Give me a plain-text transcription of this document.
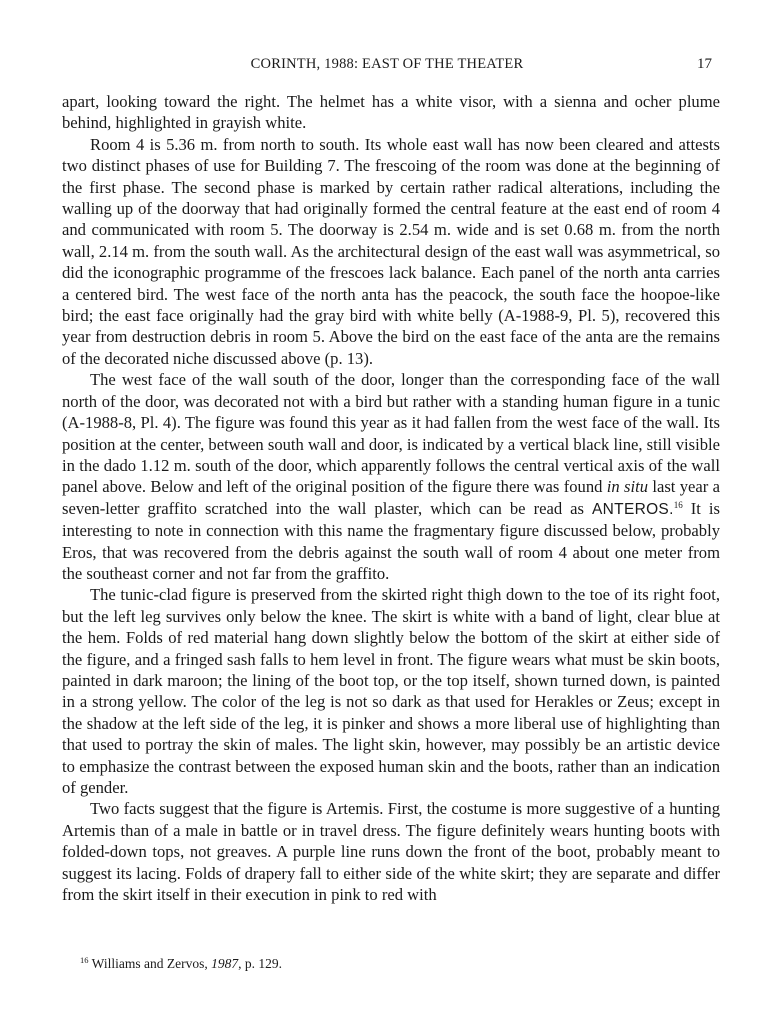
CORINTH, 1988: EAST OF THE THEATER	17

apart, looking toward the right. The helmet has a white visor, with a sienna and ocher plume behind, highlighted in grayish white.

Room 4 is 5.36 m. from north to south. Its whole east wall has now been cleared and attests two distinct phases of use for Building 7. The frescoing of the room was done at the beginning of the first phase. The second phase is marked by certain rather radical alterations, including the walling up of the doorway that had originally formed the central feature at the east end of room 4 and communicated with room 5. The doorway is 2.54 m. wide and is set 0.68 m. from the north wall, 2.14 m. from the south wall. As the architectural design of the east wall was asymmetrical, so did the iconographic programme of the frescoes lack balance. Each panel of the north anta carries a centered bird. The west face of the north anta has the peacock, the south face the hoopoe-like bird; the east face originally had the gray bird with white belly (A-1988-9, Pl. 5), recovered this year from destruction debris in room 5. Above the bird on the east face of the anta are the remains of the decorated niche discussed above (p. 13).

The west face of the wall south of the door, longer than the corresponding face of the wall north of the door, was decorated not with a bird but rather with a standing human figure in a tunic (A-1988-8, Pl. 4). The figure was found this year as it had fallen from the west face of the wall. Its position at the center, between south wall and door, is indicated by a vertical black line, still visible in the dado 1.12 m. south of the door, which apparently follows the central vertical axis of the wall panel above. Below and left of the original position of the figure there was found in situ last year a seven-letter graffito scratched into the wall plaster, which can be read as ANTEROS.$^{16}$ It is interesting to note in connection with this name the fragmentary figure discussed below, probably Eros, that was recovered from the debris against the south wall of room 4 about one meter from the southeast corner and not far from the graffito.

The tunic-clad figure is preserved from the skirted right thigh down to the toe of its right foot, but the left leg survives only below the knee. The skirt is white with a band of light, clear blue at the hem. Folds of red material hang down slightly below the bottom of the skirt at either side of the figure, and a fringed sash falls to hem level in front. The figure wears what must be skin boots, painted in dark maroon; the lining of the boot top, or the top itself, shown turned down, is painted in a strong yellow. The color of the leg is not so dark as that used for Herakles or Zeus; except in the shadow at the left side of the leg, it is pinker and shows a more liberal use of highlighting than that used to portray the skin of males. The light skin, however, may possibly be an artistic device to emphasize the contrast between the exposed human skin and the boots, rather than an indication of gender.

Two facts suggest that the figure is Artemis. First, the costume is more suggestive of a hunting Artemis than of a male in battle or in travel dress. The figure definitely wears hunting boots with folded-down tops, not greaves. A purple line runs down the front of the boot, probably meant to suggest its lacing. Folds of drapery fall to either side of the white skirt; they are separate and differ from the skirt itself in their execution in pink to red with

$^{16}$ Williams and Zervos, 1987, p. 129.
